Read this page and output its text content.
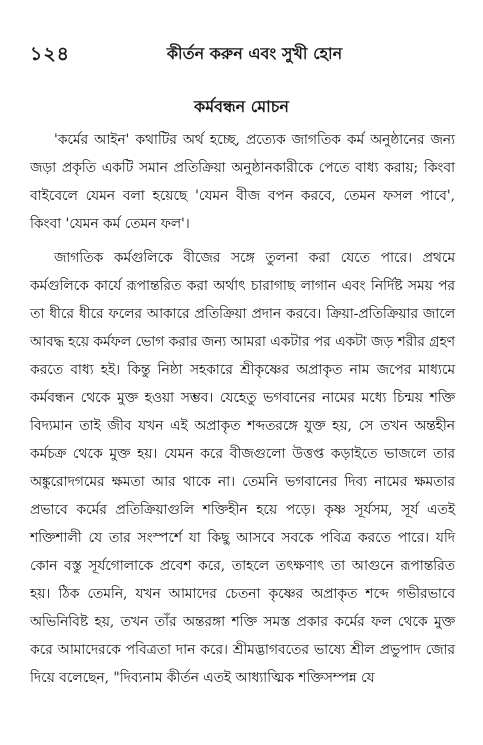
১২৪	কীর্তন করুন এবং সুখী হোন
কর্মবন্ধন মোচন

'কর্মের আইন' কথাটির অর্থ হচ্ছে, প্রত্যেক জাগতিক কর্ম অনুষ্ঠানের জন্য জড়া প্রকৃতি একটি সমান প্রতিক্রিয়া অনুষ্ঠানকারীকে পেতে বাধ্য করায়; কিংবা বাইবেলে যেমন বলা হয়েছে 'যেমন বীজ বপন করবে, তেমন ফসল পাবে', কিংবা 'যেমন কর্ম তেমন ফল'।

জাগতিক কর্মগুলিকে বীজের সঙ্গে তুলনা করা যেতে পারে। প্রথমে কর্মগুলিকে কার্যে রূপান্তরিত করা অর্থাৎ চারাগাছ লাগান এবং নির্দিষ্ট সময় পর তা ধীরে ধীরে ফলের আকারে প্রতিক্রিয়া প্রদান করবে। ক্রিয়া-প্রতিক্রিয়ার জালে আবদ্ধ হয়ে কর্মফল ভোগ করার জন্য আমরা একটার পর একটা জড় শরীর গ্রহণ করতে বাধ্য হই। কিন্তু নিষ্ঠা সহকারে শ্রীকৃষ্ণের অপ্রাকৃত নাম জপের মাধ্যমে কর্মবন্ধন থেকে মুক্ত হওয়া সম্ভব। যেহেতু ভগবানের নামের মধ্যে চিন্ময় শক্তি বিদ্যমান তাই জীব যখন এই অপ্রাকৃত শব্দতরঙ্গে যুক্ত হয়, সে তখন অন্তহীন কর্মচক্র থেকে মুক্ত হয়। যেমন করে বীজগুলো উত্তপ্ত কড়াইতে ভাজলে তার অঙ্কুরোদগমের ক্ষমতা আর থাকে না। তেমনি ভগবানের দিব্য নামের ক্ষমতার প্রভাবে কর্মের প্রতিক্রিয়াগুলি শক্তিহীন হয়ে পড়ে। কৃষ্ণ সূর্যসম, সূর্য এতই শক্তিশালী যে তার সংস্পর্শে যা কিছু আসবে সবকে পবিত্র করতে পারে। যদি কোন বস্তু সূর্যগোলাকে প্রবেশ করে, তাহলে তৎক্ষণাৎ তা আগুনে রূপান্তরিত হয়। ঠিক তেমনি, যখন আমাদের চেতনা কৃষ্ণের অপ্রাকৃত শব্দে গভীরভাবে অভিনিবিষ্ট হয়, তখন তাঁর অন্তরঙ্গা শক্তি সমস্ত প্রকার কর্মের ফল থেকে মুক্ত করে আমাদেরকে পবিত্রতা দান করে। শ্রীমদ্ভাগবতের ভাষ্যে শ্রীল প্রভুপাদ জোর দিয়ে বলেছেন, "দিব্যনাম কীর্তন এতই আধ্যাত্মিক শক্তিসম্পন্ন যে
